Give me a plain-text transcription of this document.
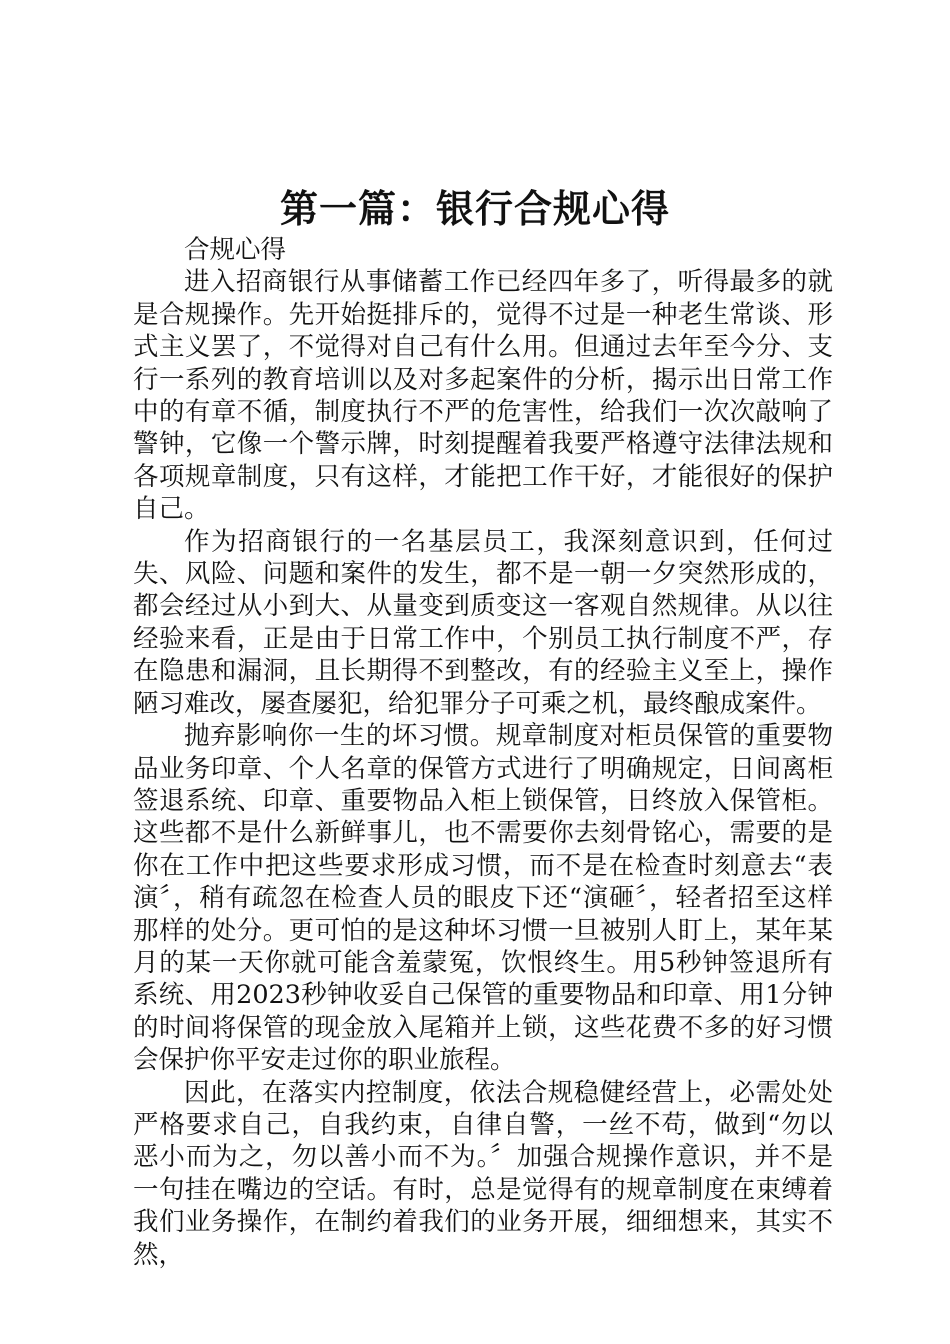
第一篇：银行合规心得

合规心得

进入招商银行从事储蓄工作已经四年多了，听得最多的就是合规操作。先开始挺排斥的，觉得不过是一种老生常谈、形式主义罢了，不觉得对自己有什么用。但通过去年至今分、支行一系列的教育培训以及对多起案件的分析，揭示出日常工作中的有章不循，制度执行不严的危害性，给我们一次次敲响了警钟，它像一个警示牌，时刻提醒着我要严格遵守法律法规和各项规章制度，只有这样，才能把工作干好，才能很好的保护自己。

作为招商银行的一名基层员工，我深刻意识到，任何过失、风险、问题和案件的发生，都不是一朝一夕突然形成的，都会经过从小到大、从量变到质变这一客观自然规律。从以往经验来看，正是由于日常工作中，个别员工执行制度不严，存在隐患和漏洞，且长期得不到整改，有的经验主义至上，操作陋习难改，屡查屡犯，给犯罪分子可乘之机，最终酿成案件。

抛弃影响你一生的坏习惯。规章制度对柜员保管的重要物品业务印章、个人名章的保管方式进行了明确规定，日间离柜签退系统、印章、重要物品入柜上锁保管，日终放入保管柜。这些都不是什么新鲜事儿，也不需要你去刻骨铭心，需要的是你在工作中把这些要求形成习惯，而不是在检查时刻意去“表演〞，稍有疏忽在检查人员的眼皮下还“演砸〞，轻者招至这样那样的处分。更可怕的是这种坏习惯一旦被别人盯上，某年某月的某一天你就可能含羞蒙冤，饮恨终生。用5秒钟签退所有系统、用2023秒钟收妥自己保管的重要物品和印章、用1分钟的时间将保管的现金放入尾箱并上锁，这些花费不多的好习惯会保护你平安走过你的职业旅程。

因此，在落实内控制度，依法合规稳健经营上，必需处处严格要求自己，自我约束，自律自警，一丝不苟，做到“勿以恶小而为之，勿以善小而不为。〞加强合规操作意识，并不是一句挂在嘴边的空话。有时，总是觉得有的规章制度在束缚着我们业务操作，在制约着我们的业务开展，细细想来，其实不然，
